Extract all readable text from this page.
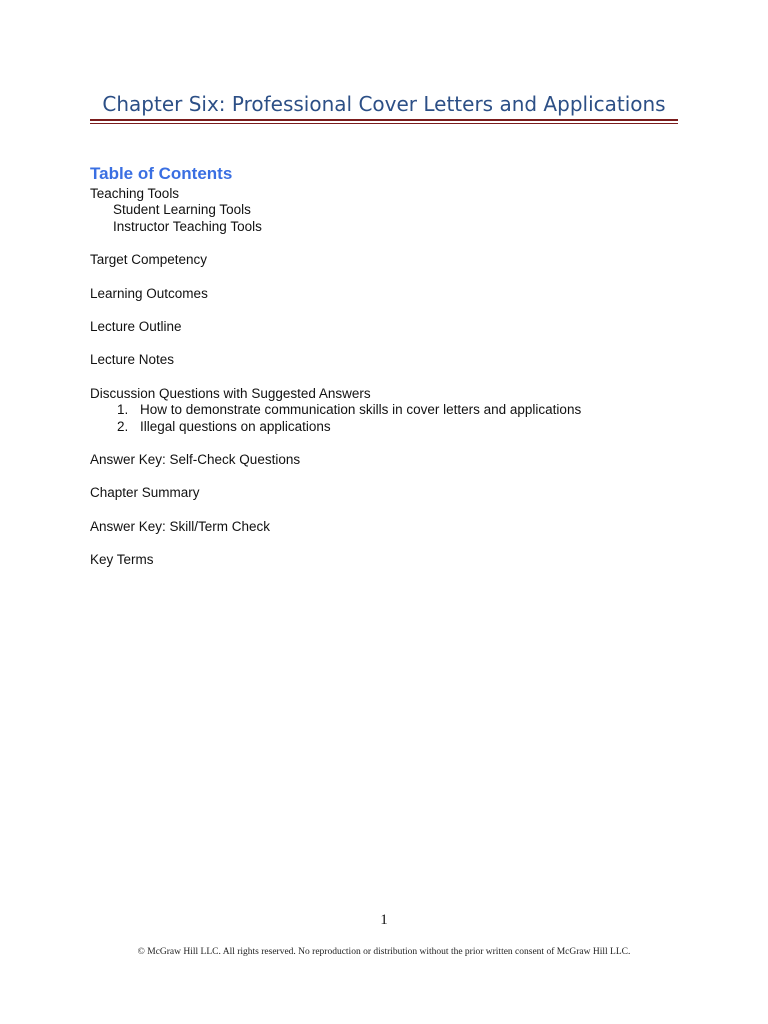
Chapter Six: Professional Cover Letters and Applications
Table of Contents
Teaching Tools
Student Learning Tools
Instructor Teaching Tools
Target Competency
Learning Outcomes
Lecture Outline
Lecture Notes
Discussion Questions with Suggested Answers
1. How to demonstrate communication skills in cover letters and applications
2. Illegal questions on applications
Answer Key: Self-Check Questions
Chapter Summary
Answer Key: Skill/Term Check
Key Terms
1
© McGraw Hill LLC. All rights reserved. No reproduction or distribution without the prior written consent of McGraw Hill LLC.
